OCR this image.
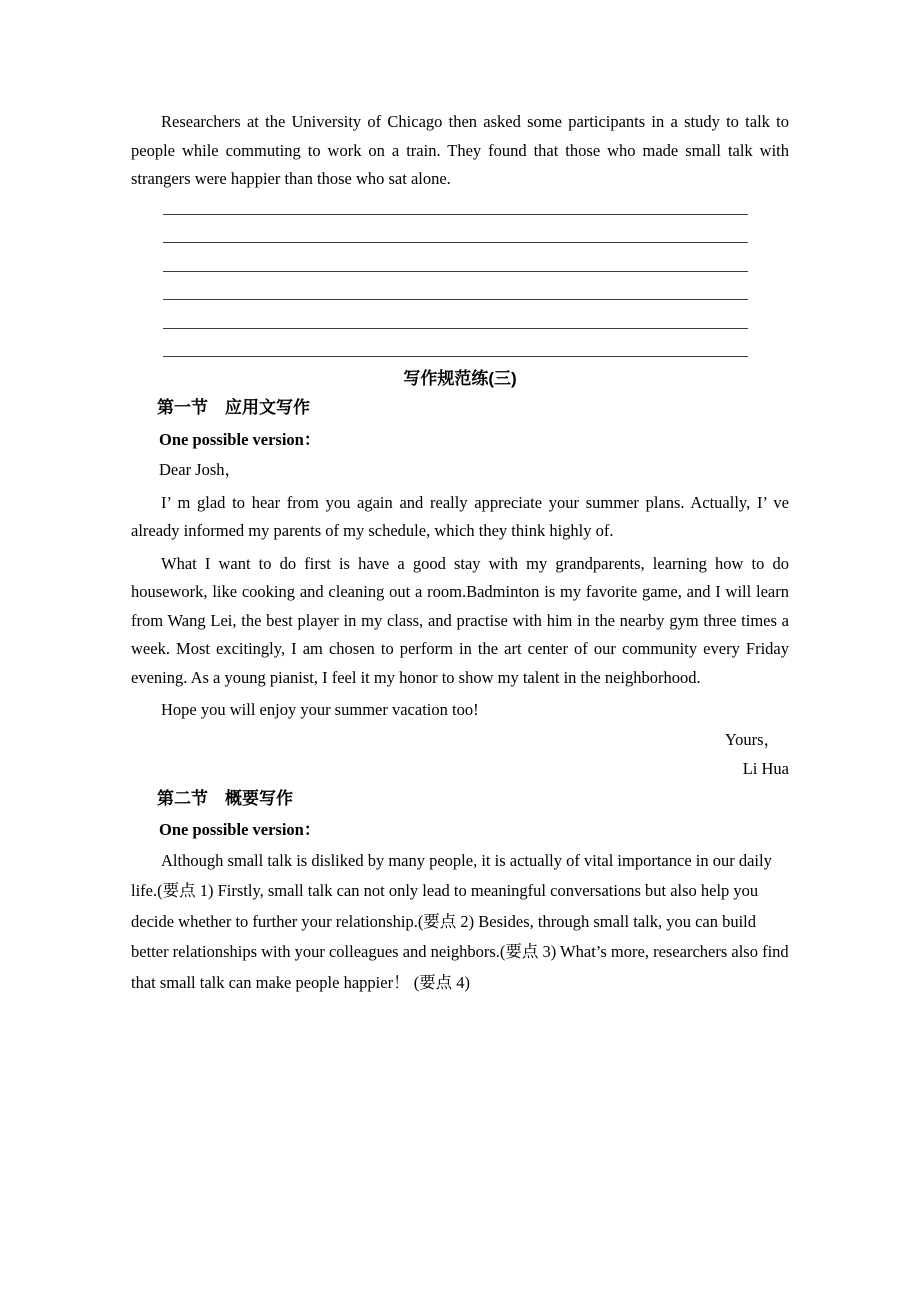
Researchers at the University of Chicago then asked some participants in a study to talk to people while commuting to work on a train. They found that those who made small talk with strangers were happier than those who sat alone.

写作规范练(三)
第一节　应用文写作

One possible version：

Dear Josh，

I’ m glad to hear from you again and really appreciate your summer plans. Actually, I’ ve already informed my parents of my schedule, which they think highly of.

What I want to do first is have a good stay with my grandparents, learning how to do housework, like cooking and cleaning out a room.Badminton is my favorite game, and I will learn from Wang Lei, the best player in my class, and practise with him in the nearby gym three times a week. Most excitingly, I am chosen to perform in the art center of our community every Friday evening. As a young pianist, I feel it my honor to show my talent in the neighborhood.

Hope you will enjoy your summer vacation too!

Yours，

Li Hua

第二节　概要写作

One possible version：

Although small talk is disliked by many people, it is actually of vital importance in our daily life.(要点 1) Firstly, small talk can not only lead to meaningful conversations but also help you decide whether to further your relationship.(要点 2) Besides, through small talk, you can build better relationships with your colleagues and neighbors.(要点 3) What’s more, researchers also find that small talk can make people happier！ (要点 4)
